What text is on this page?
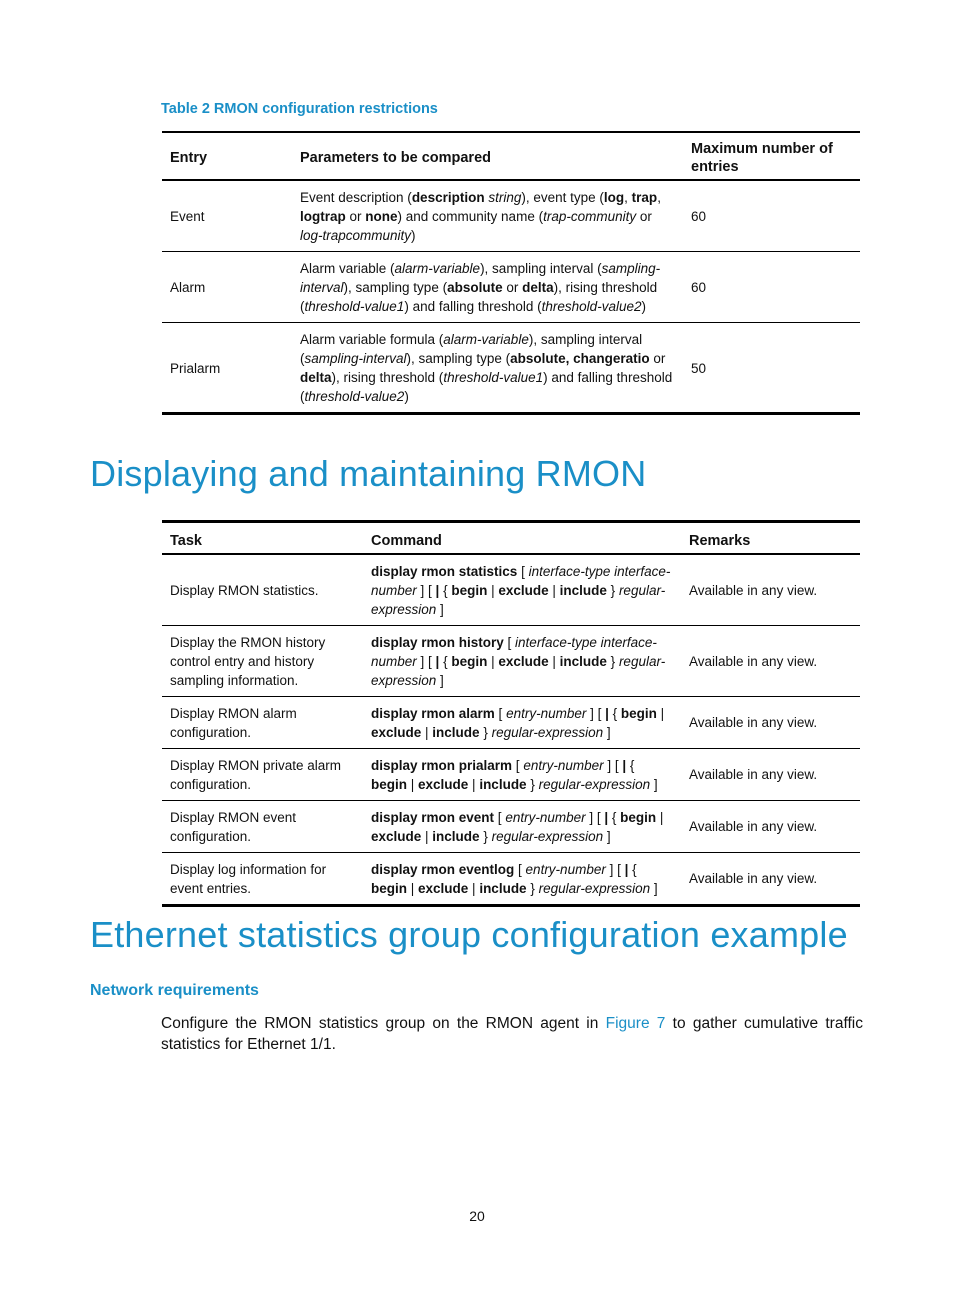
Table 2 RMON configuration restrictions
Entry	Parameters to be compared	Maximum number of entries
Event	Event description (description string), event type (log, trap, logtrap or none) and community name (trap-community or log-trapcommunity)	60
Alarm	Alarm variable (alarm-variable), sampling interval (sampling-interval), sampling type (absolute or delta), rising threshold (threshold-value1) and falling threshold (threshold-value2)	60
Prialarm	Alarm variable formula (alarm-variable), sampling interval (sampling-interval), sampling type (absolute, changeratio or delta), rising threshold (threshold-value1) and falling threshold (threshold-value2)	50
Displaying and maintaining RMON
Task	Command	Remarks
Display RMON statistics.	display rmon statistics [ interface-type interface-number ] [ | { begin | exclude | include } regular-expression ]	Available in any view.
Display the RMON history control entry and history sampling information.	display rmon history [ interface-type interface-number ] [ | { begin | exclude | include } regular-expression ]	Available in any view.
Display RMON alarm configuration.	display rmon alarm [ entry-number ] [ | { begin | exclude | include } regular-expression ]	Available in any view.
Display RMON private alarm configuration.	display rmon prialarm [ entry-number ] [ | { begin | exclude | include } regular-expression ]	Available in any view.
Display RMON event configuration.	display rmon event [ entry-number ] [ | { begin | exclude | include } regular-expression ]	Available in any view.
Display log information for event entries.	display rmon eventlog [ entry-number ] [ | { begin | exclude | include } regular-expression ]	Available in any view.
Ethernet statistics group configuration example
Network requirements

Configure the RMON statistics group on the RMON agent in Figure 7 to gather cumulative traffic statistics for Ethernet 1/1.

20
